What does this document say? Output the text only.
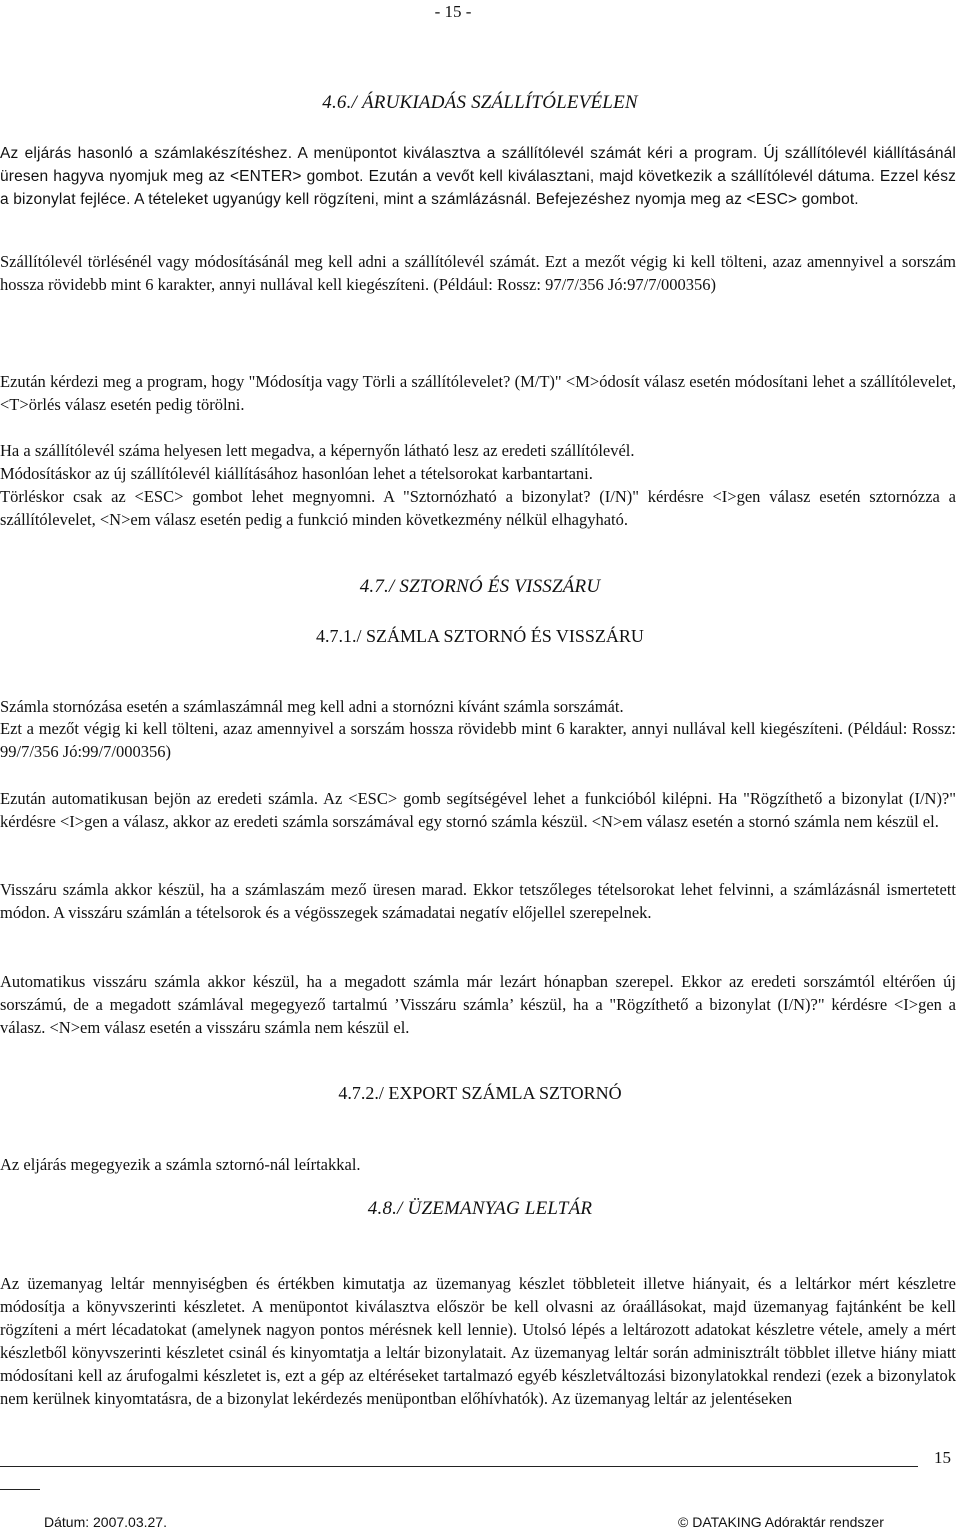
- 15 -
4.6./ ÁRUKIADÁS SZÁLLÍTÓLEVÉLEN

Az eljárás hasonló a számlakészítéshez. A menüpontot kiválasztva a szállítólevél számát kéri a program. Új szállítólevél kiállításánál üresen hagyva nyomjuk meg az <ENTER> gombot. Ezután a vevőt kell kiválasztani, majd következik a szállítólevél dátuma. Ezzel kész a bizonylat fejléce. A tételeket ugyanúgy kell rögzíteni, mint a számlázásnál. Befejezéshez nyomja meg az <ESC> gombot.

Szállítólevél törlésénél vagy módosításánál meg kell adni a szállítólevél számát. Ezt a mezőt végig ki kell tölteni, azaz amennyivel a sorszám hossza rövidebb mint 6 karakter, annyi nullával kell kiegészíteni. (Például: Rossz: 97/7/356 Jó:97/7/000356)

Ezután kérdezi meg a program, hogy "Módosítja vagy Törli a szállítólevelet? (M/T)" <M>ódosít válasz esetén módosítani lehet a szállítólevelet, <T>örlés válasz esetén pedig törölni.

Ha a szállítólevél száma helyesen lett megadva, a képernyőn látható lesz az eredeti szállítólevél.

Módosításkor az új szállítólevél kiállításához hasonlóan lehet a tételsorokat karbantartani.

Törléskor csak az <ESC> gombot lehet megnyomni. A "Sztornózható a bizonylat? (I/N)" kérdésre <I>gen válasz esetén sztornózza a szállítólevelet, <N>em válasz esetén pedig a funkció minden következmény nélkül elhagyható.

4.7./ SZTORNÓ ÉS VISSZÁRU
4.7.1./ SZÁMLA SZTORNÓ ÉS VISSZÁRU

Számla stornózása esetén a számlaszámnál meg kell adni a stornózni kívánt számla sorszámát.

Ezt a mezőt végig ki kell tölteni, azaz amennyivel a sorszám hossza rövidebb mint 6 karakter, annyi nullával kell kiegészíteni. (Például: Rossz: 99/7/356 Jó:99/7/000356)

Ezután automatikusan bejön az eredeti számla. Az <ESC> gomb segítségével lehet a funkcióból kilépni. Ha "Rögzíthető a bizonylat (I/N)?" kérdésre <I>gen a válasz, akkor az eredeti számla sorszámával egy stornó számla készül. <N>em válasz esetén a stornó számla nem készül el.

Visszáru számla akkor készül, ha a számlaszám mező üresen marad. Ekkor tetszőleges tételsorokat lehet felvinni, a számlázásnál ismertetett módon. A visszáru számlán a tételsorok és a végösszegek számadatai negatív előjellel szerepelnek.

Automatikus visszáru számla akkor készül, ha a megadott számla már lezárt hónapban szerepel. Ekkor az eredeti sorszámtól eltérően új sorszámú, de a megadott számlával megegyező tartalmú ’Visszáru számla’ készül, ha a "Rögzíthető a bizonylat (I/N)?" kérdésre <I>gen a válasz. <N>em válasz esetén a visszáru számla nem készül el.

4.7.2./ EXPORT SZÁMLA SZTORNÓ

Az eljárás megegyezik a számla sztornó-nál leírtakkal.

4.8./ ÜZEMANYAG LELTÁR

Az üzemanyag leltár mennyiségben és értékben kimutatja az üzemanyag készlet többleteit illetve hiányait, és a leltárkor mért készletre módosítja a könyvszerinti készletet. A menüpontot kiválasztva először be kell olvasni az óraállásokat, majd üzemanyag fajtánként be kell rögzíteni a mért lécadatokat (amelynek nagyon pontos mérésnek kell lennie). Utolsó lépés a leltározott adatokat készletre vétele, amely a mért készletből könyvszerinti készletet csinál és kinyomtatja a leltár bizonylatait. Az üzemanyag leltár során adminisztrált többlet illetve hiány miatt módosítani kell az árufogalmi készletet is, ezt a gép az eltéréseket tartalmazó egyéb készletváltozási bizonylatokkal rendezi (ezek a bizonylatok nem kerülnek kinyomtatásra, de a bizonylat lekérdezés menüpontban előhívhatók). Az üzemanyag leltár az jelentéseken

15
Dátum: 2007.03.27.	© DATAKING Adóraktár rendszer
